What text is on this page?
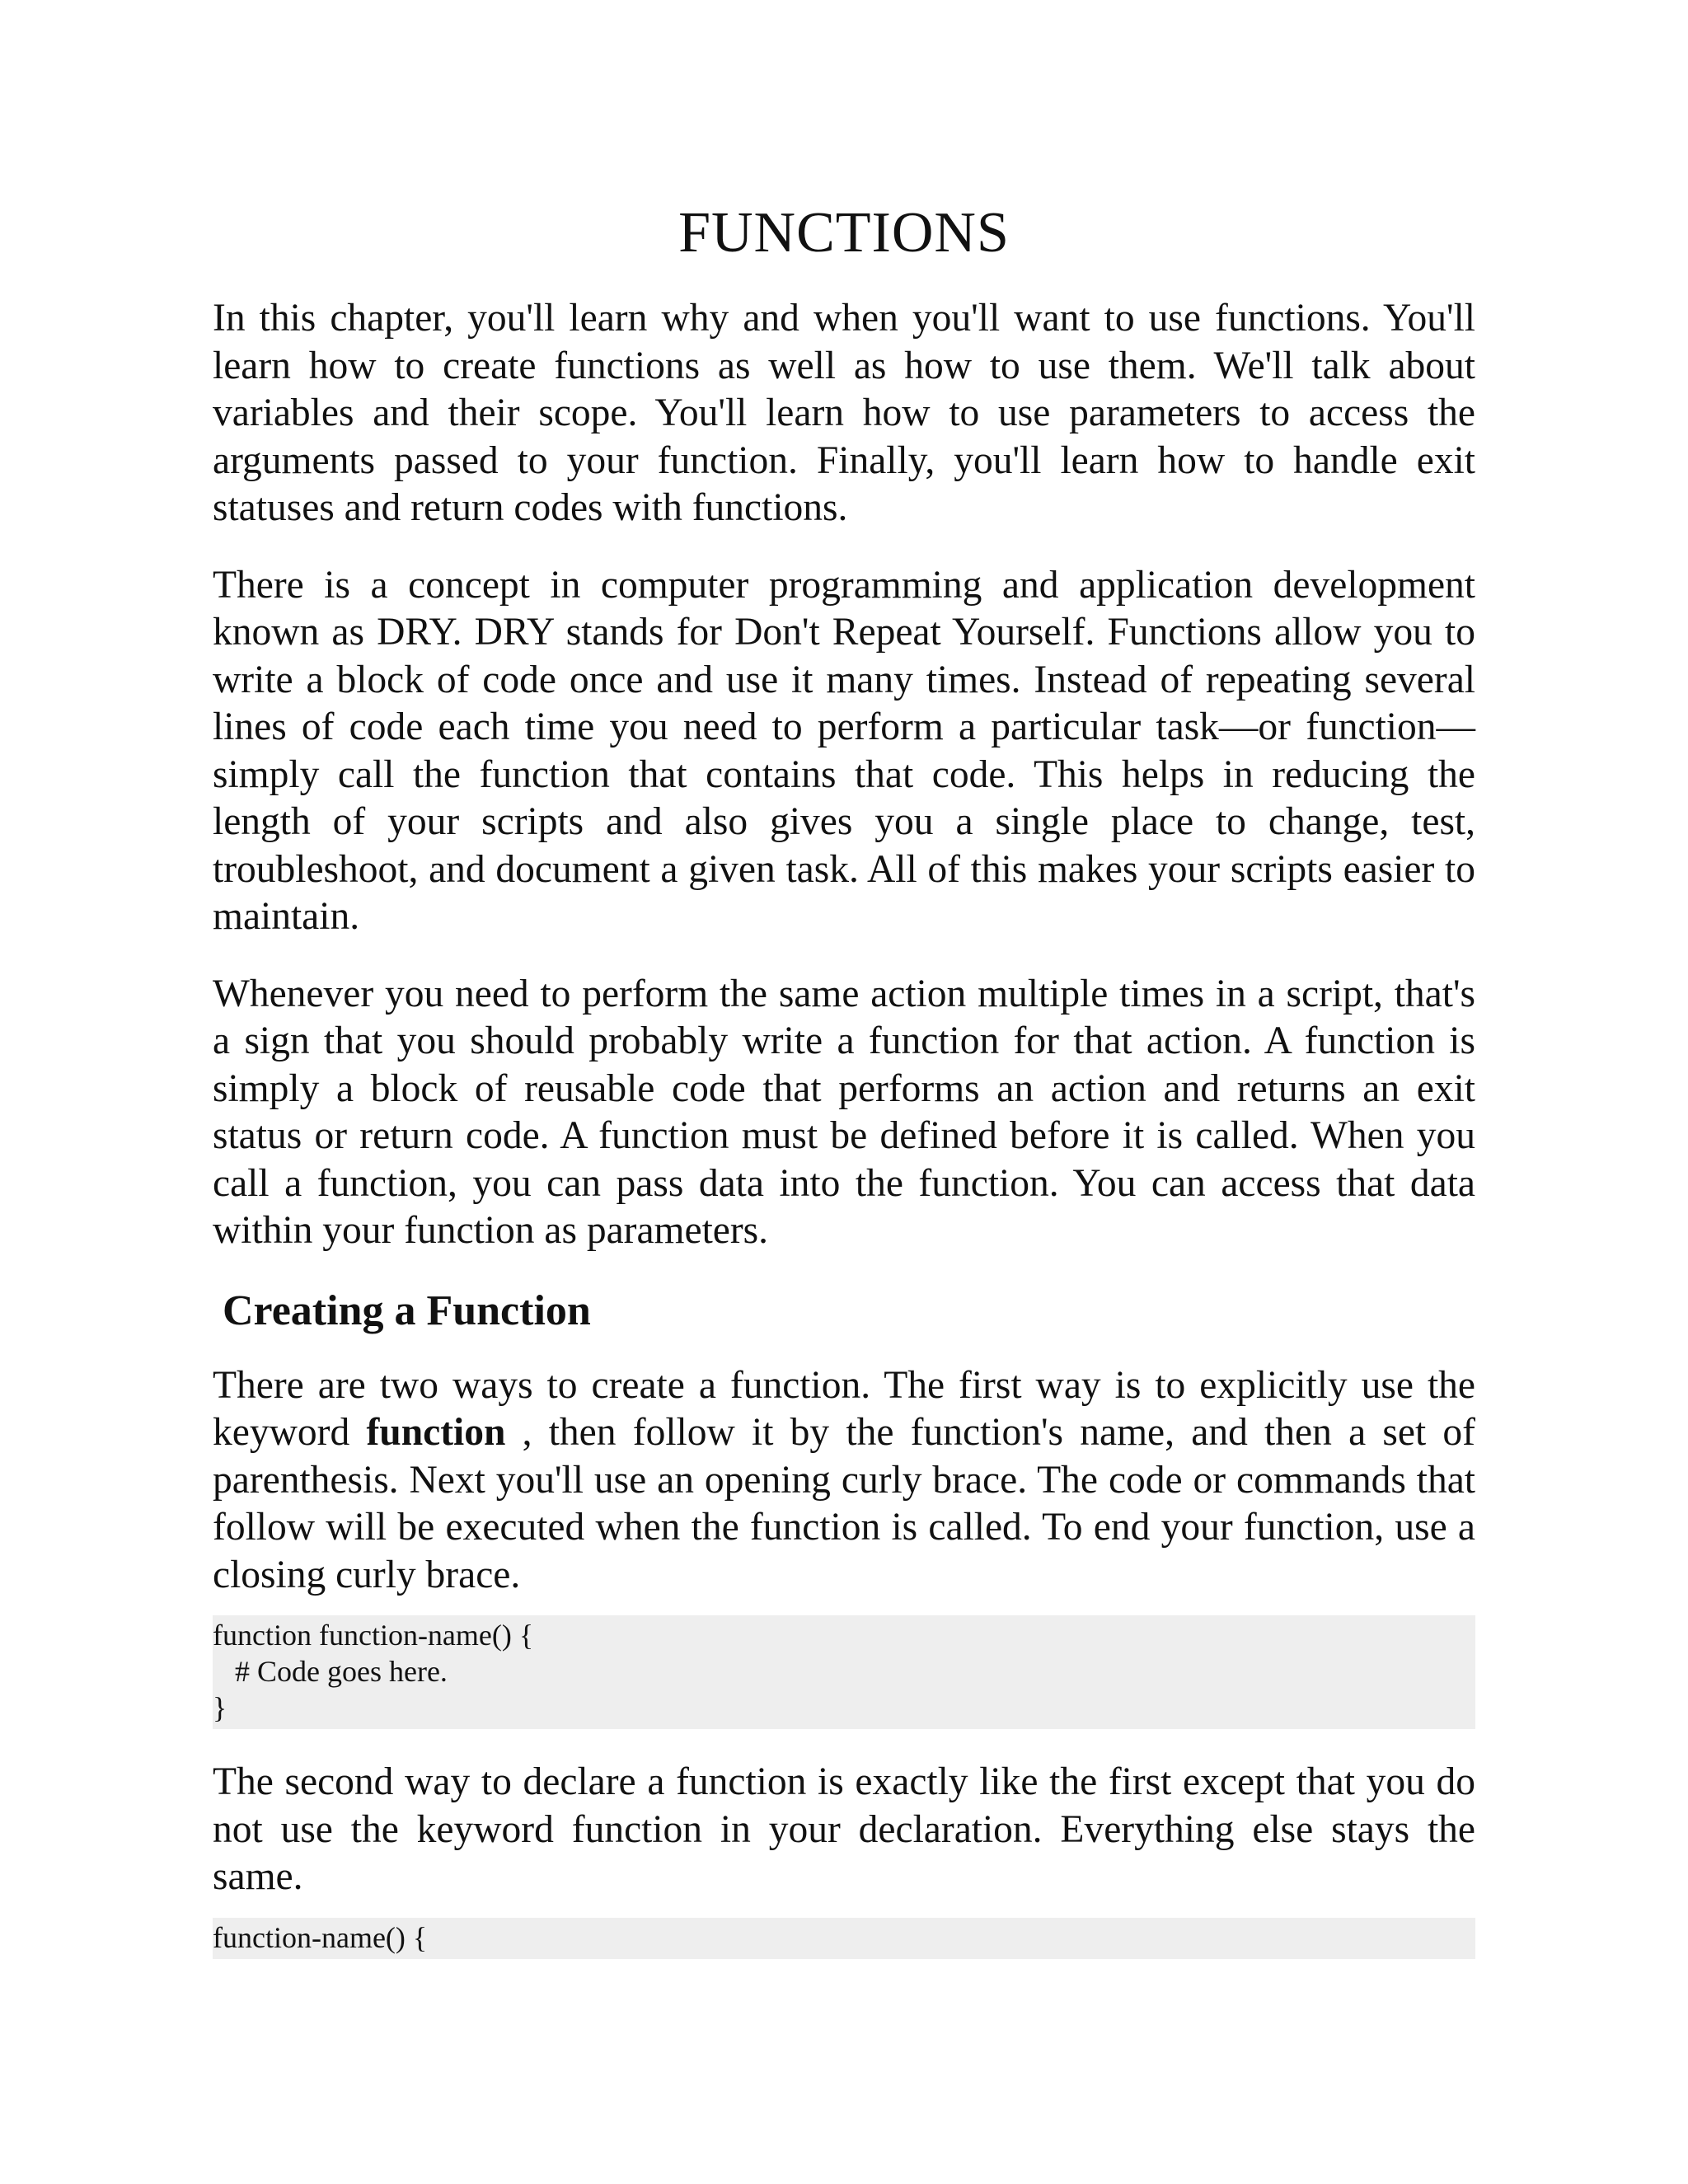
FUNCTIONS

In this chapter, you'll learn why and when you'll want to use functions. You'll learn how to create functions as well as how to use them. We'll talk about variables and their scope. You'll learn how to use parameters to access the arguments passed to your function. Finally, you'll learn how to handle exit statuses and return codes with functions.

There is a concept in computer programming and application development known as DRY. DRY stands for Don't Repeat Yourself. Functions allow you to write a block of code once and use it many times. Instead of repeating several lines of code each time you need to perform a particular task—or function—simply call the function that contains that code. This helps in reducing the length of your scripts and also gives you a single place to change, test, troubleshoot, and document a given task. All of this makes your scripts easier to maintain.

Whenever you need to perform the same action multiple times in a script, that's a sign that you should probably write a function for that action. A function is simply a block of reusable code that performs an action and returns an exit status or return code. A function must be defined before it is called. When you call a function, you can pass data into the function. You can access that data within your function as parameters.

Creating a Function

There are two ways to create a function. The first way is to explicitly use the keyword function , then follow it by the function's name, and then a set of parenthesis. Next you'll use an opening curly brace. The code or commands that follow will be executed when the function is called. To end your function, use a closing curly brace.

function function-name() {
# Code goes here.
}

The second way to declare a function is exactly like the first except that you do not use the keyword function in your declaration. Everything else stays the same.

function-name() {
